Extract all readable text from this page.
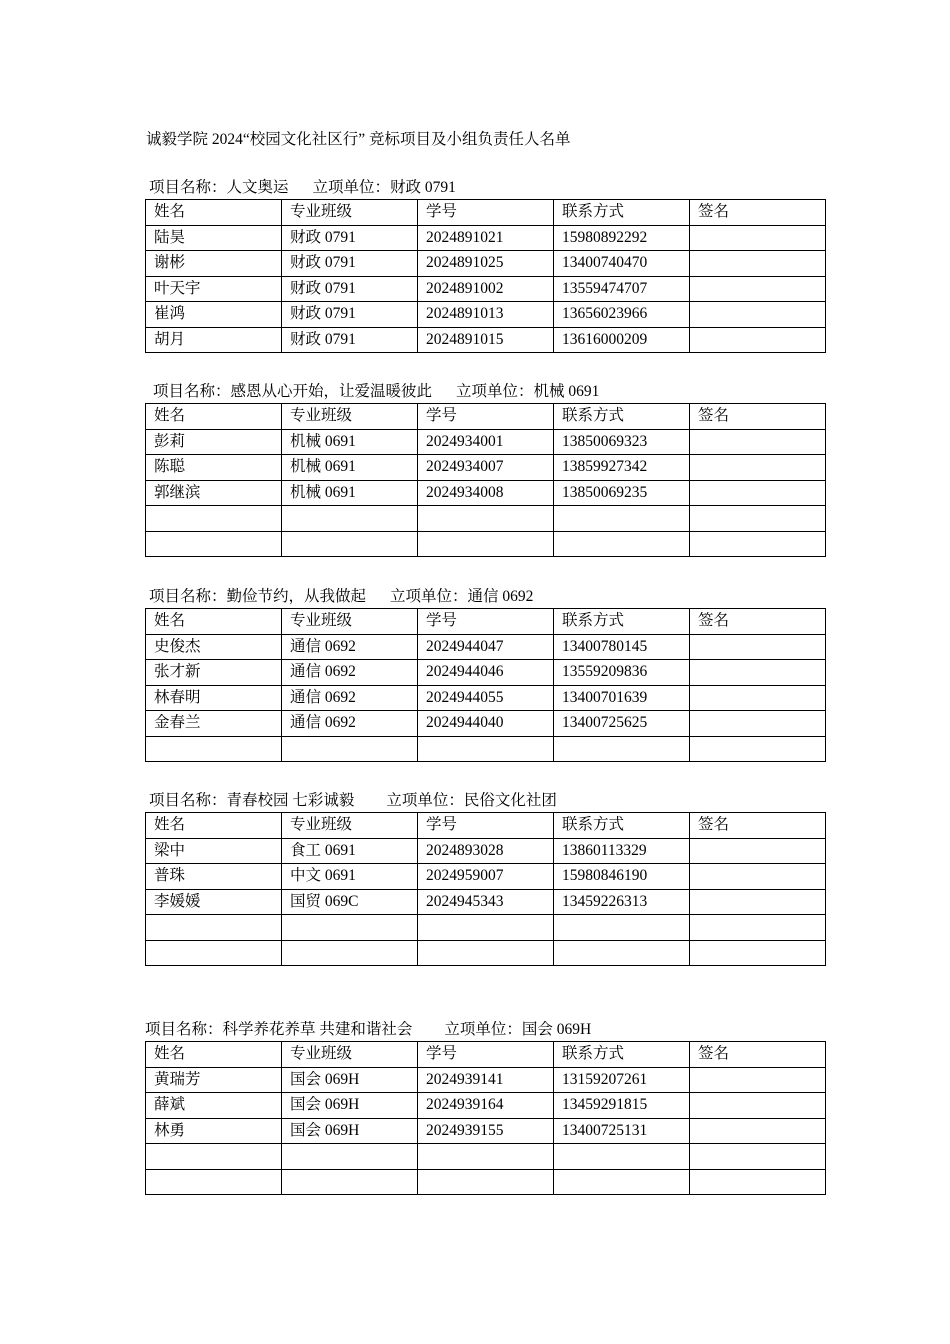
诚毅学院 2024“校园文化社区行” 竞标项目及小组负责任人名单
项目名称：人文奥运 立项单位：财政 0791
姓名	专业班级	学号	联系方式	签名
陆昊	财政 0791	2024891021	15980892292	
谢彬	财政 0791	2024891025	13400740470	
叶天宇	财政 0791	2024891002	13559474707	
崔鸿	财政 0791	2024891013	13656023966	
胡月	财政 0791	2024891015	13616000209	
项目名称：感恩从心开始，让爱温暖彼此 立项单位：机械 0691
姓名	专业班级	学号	联系方式	签名
彭莉	机械 0691	2024934001	13850069323	
陈聪	机械 0691	2024934007	13859927342	
郭继滨	机械 0691	2024934008	13850069235	

项目名称：勤俭节约，从我做起 立项单位：通信 0692
姓名	专业班级	学号	联系方式	签名
史俊杰	通信 0692	2024944047	13400780145	
张才新	通信 0692	2024944046	13559209836	
林春明	通信 0692	2024944055	13400701639	
金春兰	通信 0692	2024944040	13400725625	

项目名称：青春校园 七彩诚毅 立项单位：民俗文化社团
姓名	专业班级	学号	联系方式	签名
梁中	食工 0691	2024893028	13860113329	
普珠	中文 0691	2024959007	15980846190	
李媛媛	国贸 069C	2024945343	13459226313	

项目名称：科学养花养草 共建和谐社会 立项单位：国会 069H
姓名	专业班级	学号	联系方式	签名
黄瑞芳	国会 069H	2024939141	13159207261	
薛斌	国会 069H	2024939164	13459291815	
林勇	国会 069H	2024939155	13400725131	
